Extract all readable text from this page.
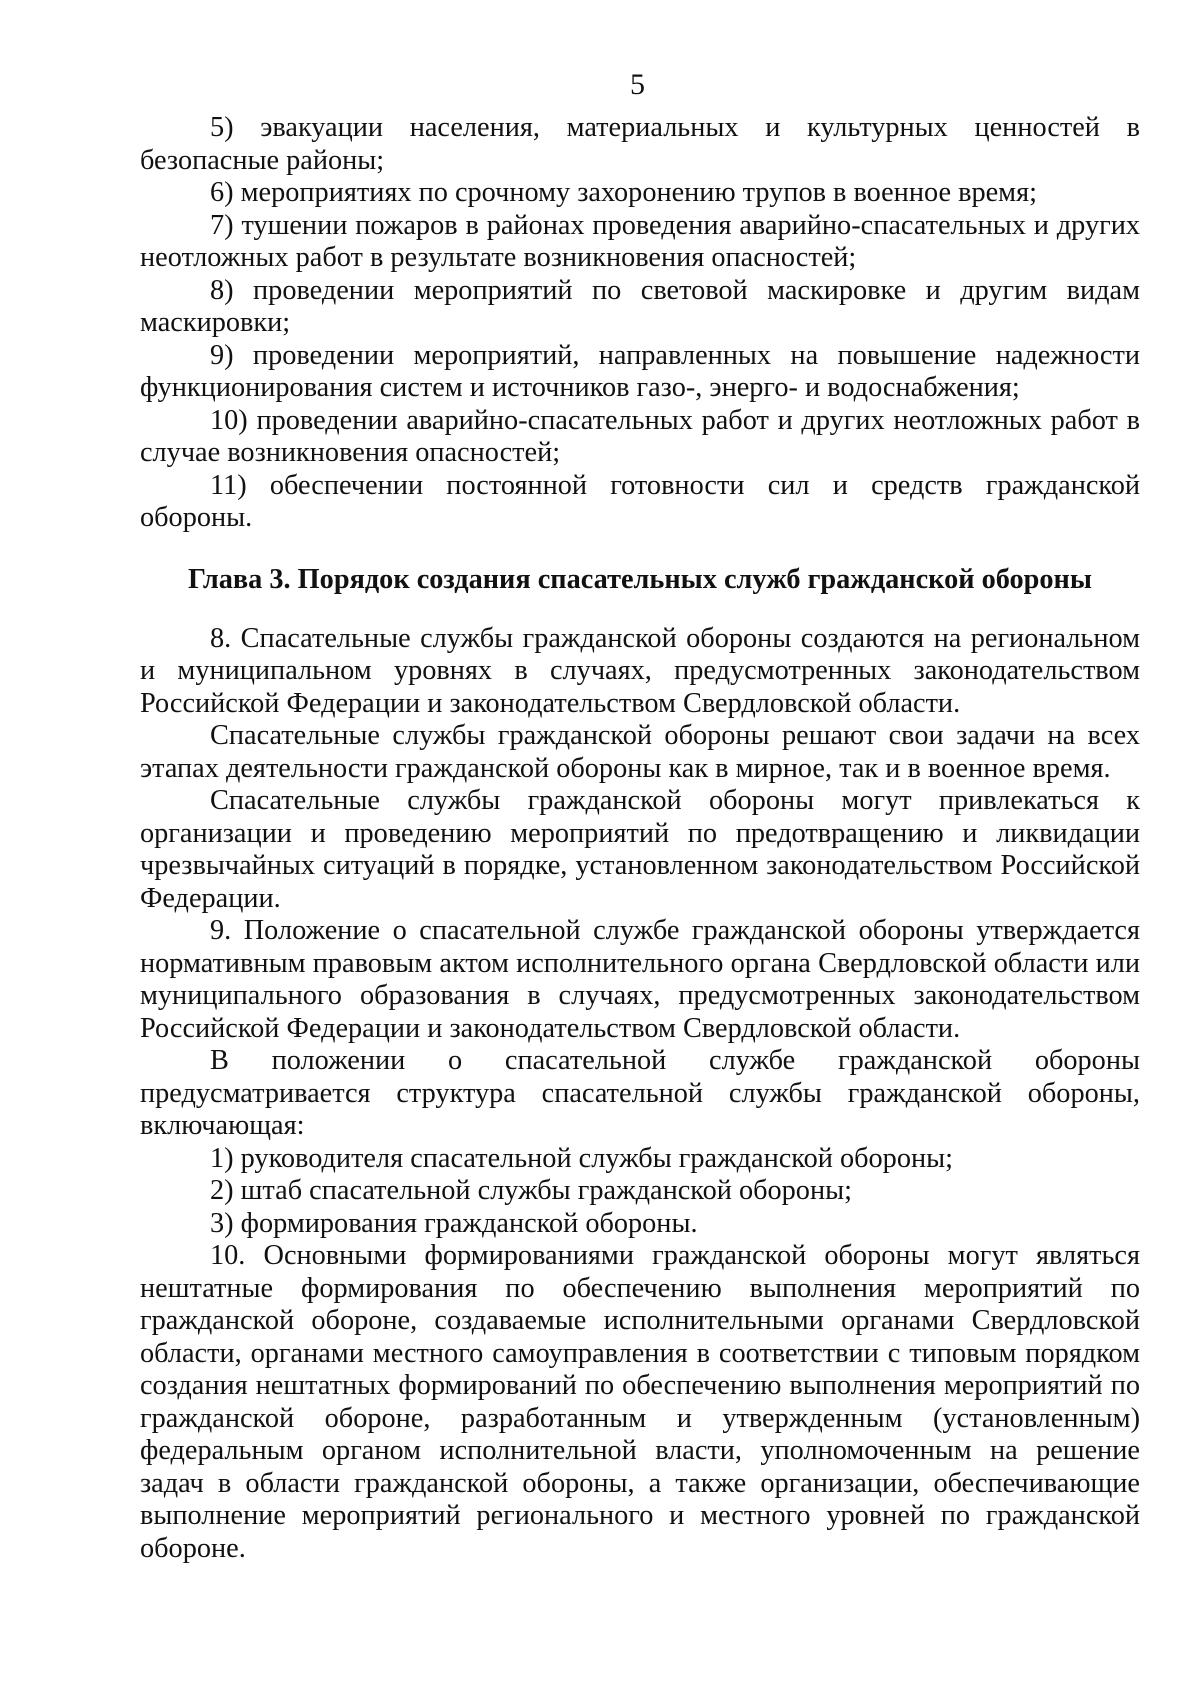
5

5) эвакуации населения, материальных и культурных ценностей в безопасные районы;

6) мероприятиях по срочному захоронению трупов в военное время;

7) тушении пожаров в районах проведения аварийно-спасательных и других неотложных работ в результате возникновения опасностей;

8) проведении мероприятий по световой маскировке и другим видам маскировки;

9) проведении мероприятий, направленных на повышение надежности функционирования систем и источников газо-, энерго- и водоснабжения;

10) проведении аварийно-спасательных работ и других неотложных работ в случае возникновения опасностей;

11) обеспечении постоянной готовности сил и средств гражданской обороны.

Глава 3. Порядок создания спасательных служб гражданской обороны

8. Спасательные службы гражданской обороны создаются на региональном и муниципальном уровнях в случаях, предусмотренных законодательством Российской Федерации и законодательством Свердловской области.

Спасательные службы гражданской обороны решают свои задачи на всех этапах деятельности гражданской обороны как в мирное, так и в военное время.

Спасательные службы гражданской обороны могут привлекаться к организации и проведению мероприятий по предотвращению и ликвидации чрезвычайных ситуаций в порядке, установленном законодательством Российской Федерации.

9. Положение о спасательной службе гражданской обороны утверждается нормативным правовым актом исполнительного органа Свердловской области или муниципального образования в случаях, предусмотренных законодательством Российской Федерации и законодательством Свердловской области.

В положении о спасательной службе гражданской обороны предусматривается структура спасательной службы гражданской обороны, включающая:

1) руководителя спасательной службы гражданской обороны;

2) штаб спасательной службы гражданской обороны;

3) формирования гражданской обороны.

10. Основными формированиями гражданской обороны могут являться нештатные формирования по обеспечению выполнения мероприятий по гражданской обороне, создаваемые исполнительными органами Свердловской области, органами местного самоуправления в соответствии с типовым порядком создания нештатных формирований по обеспечению выполнения мероприятий по гражданской обороне, разработанным и утвержденным (установленным) федеральным органом исполнительной власти, уполномоченным на решение задач в области гражданской обороны, а также организации, обеспечивающие выполнение мероприятий регионального и местного уровней по гражданской обороне.
